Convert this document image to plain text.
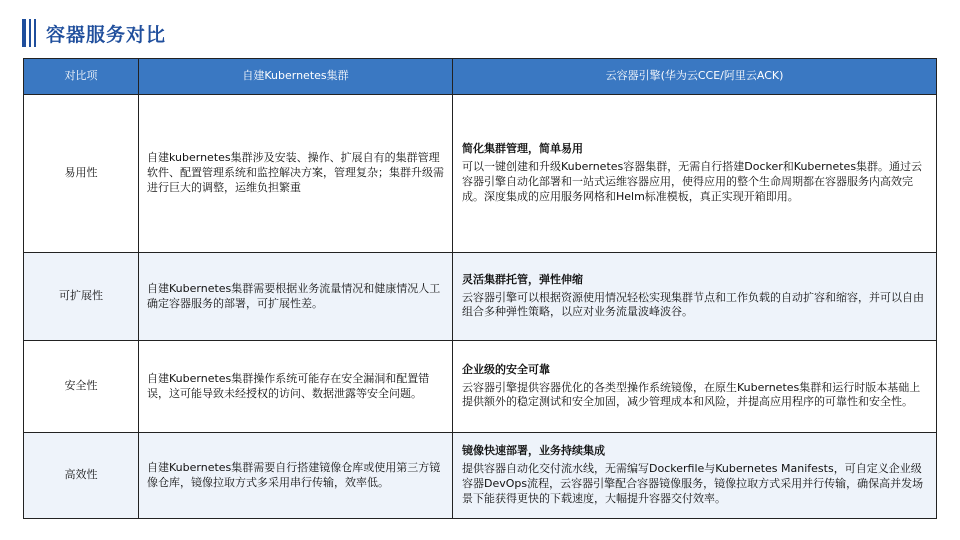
容器服务对比
对比项	自建Kubernetes集群	云容器引擎(华为云CCE/阿里云ACK)
易用性	自建kubernetes集群涉及安装、操作、扩展自有的集群管理软件、配置管理系统和监控解决方案，管理复杂；集群升级需进行巨大的调整，运维负担繁重	简化集群管理，简单易用
可以一键创建和升级Kubernetes容器集群，无需自行搭建Docker和Kubernetes集群。通过云容器引擎自动化部署和一站式运维容器应用，使得应用的整个生命周期都在容器服务内高效完成。深度集成的应用服务网格和Helm标准模板，真正实现开箱即用。

可扩展性	自建Kubernetes集群需要根据业务流量情况和健康情况人工确定容器服务的部署，可扩展性差。	灵活集群托管，弹性伸缩
云容器引擎可以根据资源使用情况轻松实现集群节点和工作负载的自动扩容和缩容，并可以自由组合多种弹性策略，以应对业务流量波峰波谷。

安全性	自建Kubernetes集群操作系统可能存在安全漏洞和配置错误，这可能导致未经授权的访问、数据泄露等安全问题。	企业级的安全可靠
云容器引擎提供容器优化的各类型操作系统镜像，在原生Kubernetes集群和运行时版本基础上提供额外的稳定测试和安全加固，减少管理成本和风险，并提高应用程序的可靠性和安全性。

高效性	自建Kubernetes集群需要自行搭建镜像仓库或使用第三方镜像仓库，镜像拉取方式多采用串行传输，效率低。	镜像快速部署，业务持续集成
提供容器自动化交付流水线，无需编写Dockerfile与Kubernetes Manifests，可自定义企业级容器DevOps流程，云容器引擎配合容器镜像服务，镜像拉取方式采用并行传输，确保高并发场景下能获得更快的下载速度，大幅提升容器交付效率。
